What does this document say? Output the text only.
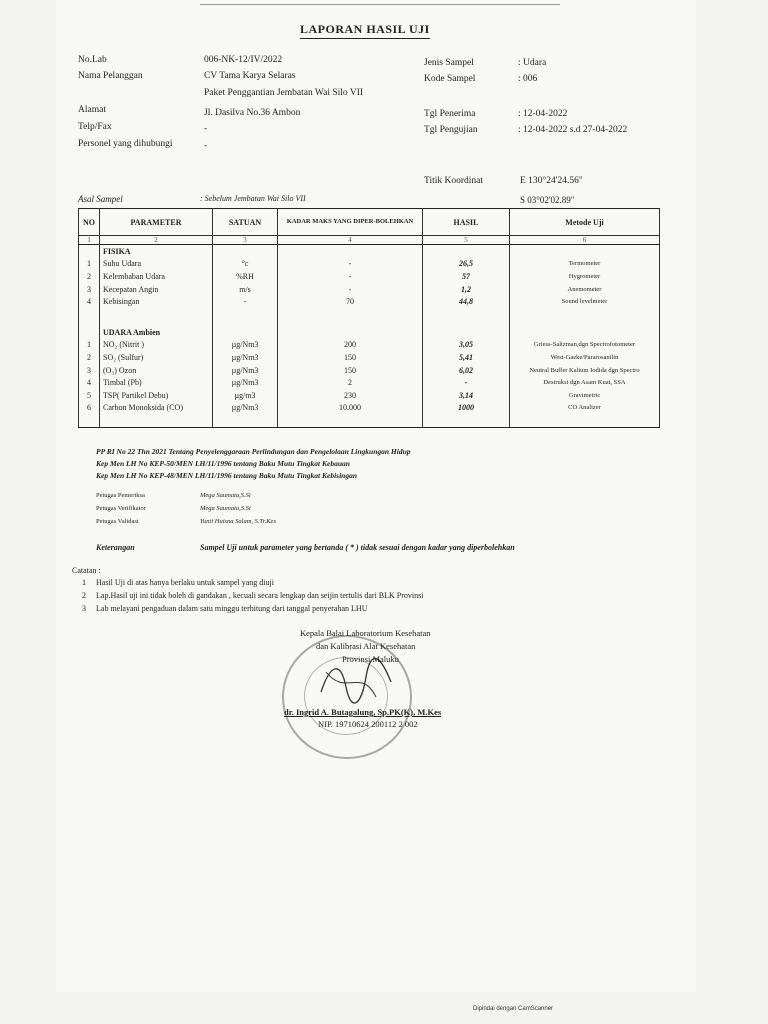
LAPORAN HASIL UJI
No.Lab	006-NK-12/IV/2022
Nama Pelanggan	CV Tama Karya Selaras
Paket Penggantian Jembatan Wai Silo VII
Alamat	Jl. Dasilva No.36 Ambon
Telp/Fax	-
Personel yang dihubungi	-
Jenis Sampel	: Udara
Kode Sampel	: 006
Tgl Penerima	: 12-04-2022
Tgl Pengujian	: 12-04-2022 s.d 27-04-2022
Titik Koordinat	E 130°24'24.56"
S 03°02'02.89"
Asal Sampel	: Sebelum Jembatan Wai Silo VII
NO	PARAMETER	SATUAN	KADAR MAKS YANG DIPER-BOLEHKAN	HASIL	Metode Uji
1	2	3	4	5	6
	FISIKA				
1	Suhu Udara	°c	-	26,5	Termometer
2	Kelembaban Udara	%RH	-	57	Hygrometer
3	Kecepatan Angin	m/s	-	1,2	Anemometer
4	Kebisingan	-	70	44,8	Sound levelmeter

	UDARA Ambien				
1	NO₂ (Nitrit )	µg/Nm3	200	3,05	Griess-Saltzman,dgn Spectrofotometer
2	SO₂ (Sulfur)	µg/Nm3	150	5,41	West-Gaeke/Pararosanilin
3	(O₃) Ozon	µg/Nm3	150	6,02	Neutral Buffer Kalium Iodida dgn Spectro
4	Timbal (Pb)	µg/Nm3	2	-	Destruksi dgn Asam Kuat, SSA
5	TSP( Partikel Debu)	µg/m3	230	3,14	Gravimetric
6	Carbon Monoksida (CO)	µg/Nm3	10.000	1000	CO Analizer

PP RI No 22 Thn 2021 Tentang Penyelenggaraan Perlindungan dan Pengelolaan Lingkungan Hidup
Kep Men LH No KEP-50/MEN LH/11/1996 tentang Baku Mutu Tingkat Kebauan
Kep Men LH No KEP-48/MEN LH/11/1996 tentang Baku Mutu Tingkat Kebisingan
Petugas Pemeriksa	Mega Saumata,S.Si
Petugas Verifikator	Mega Saumata,S.Si
Petugas Validasi	Yunti Huisna Salam, S.Tr.Kes
Keterangan	Sampel Uji untuk parameter yang bertanda ( * ) tidak sesuai dengan kadar yang diperbolehkan
Catatan :
1 Hasil Uji di atas hanya berlaku untuk sampel yang diuji
2 Lap.Hasil uji ini tidak boleh di gandakan , kecuali secara lengkap dan seijin tertulis dari BLK Provinsi
3 Lab melayani pengaduan dalam satu minggu terhitung dari tanggal penyerahan LHU
Kepala Balai Laboratorium Kesehatan
dan Kalibrasi Alat Kesehatan
Provinsi Maluku
dr. Ingrid A. Butagalung, Sp.PK(K), M.Kes
NIP. 19710624 200112 2 002
Dipindai dengan CamScanner
